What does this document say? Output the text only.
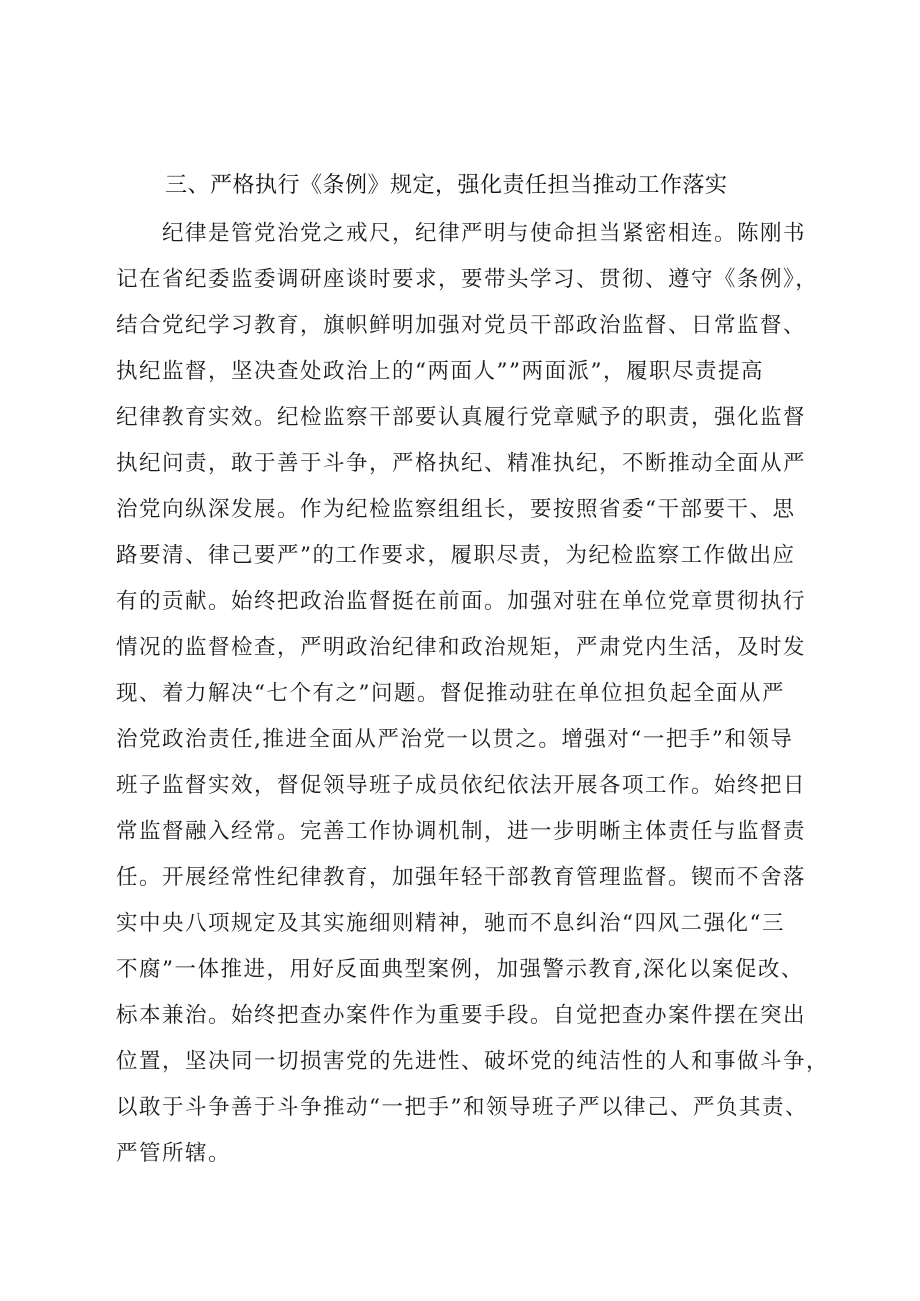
三、严格执行《条例》规定，强化责任担当推动工作落实
纪律是管党治党之戒尺，纪律严明与使命担当紧密相连。陈刚书
记在省纪委监委调研座谈时要求，要带头学习、贯彻、遵守《条例》，
结合党纪学习教育，旗帜鲜明加强对党员干部政治监督、日常监督、
执纪监督，坚决查处政治上的“两面人””两面派”，履职尽责提高
纪律教育实效。纪检监察干部要认真履行党章赋予的职责，强化监督
执纪问责，敢于善于斗争，严格执纪、精准执纪，不断推动全面从严
治党向纵深发展。作为纪检监察组组长，要按照省委“干部要干、思
路要清、律己要严”的工作要求，履职尽责，为纪检监察工作做出应
有的贡献。始终把政治监督挺在前面。加强对驻在单位党章贯彻执行
情况的监督检查，严明政治纪律和政治规矩，严肃党内生活，及时发
现、着力解决“七个有之”问题。督促推动驻在单位担负起全面从严
治党政治责任,推进全面从严治党一以贯之。增强对“一把手”和领导
班子监督实效，督促领导班子成员依纪依法开展各项工作。始终把日
常监督融入经常。完善工作协调机制，进一步明晰主体责任与监督责
任。开展经常性纪律教育，加强年轻干部教育管理监督。锲而不舍落
实中央八项规定及其实施细则精神，驰而不息纠治“四风二强化“三
不腐”一体推进，用好反面典型案例，加强警示教育,深化以案促改、
标本兼治。始终把查办案件作为重要手段。自觉把查办案件摆在突出
位置，坚决同一切损害党的先进性、破坏党的纯洁性的人和事做斗争，
以敢于斗争善于斗争推动“一把手”和领导班子严以律己、严负其责、
严管所辖。
